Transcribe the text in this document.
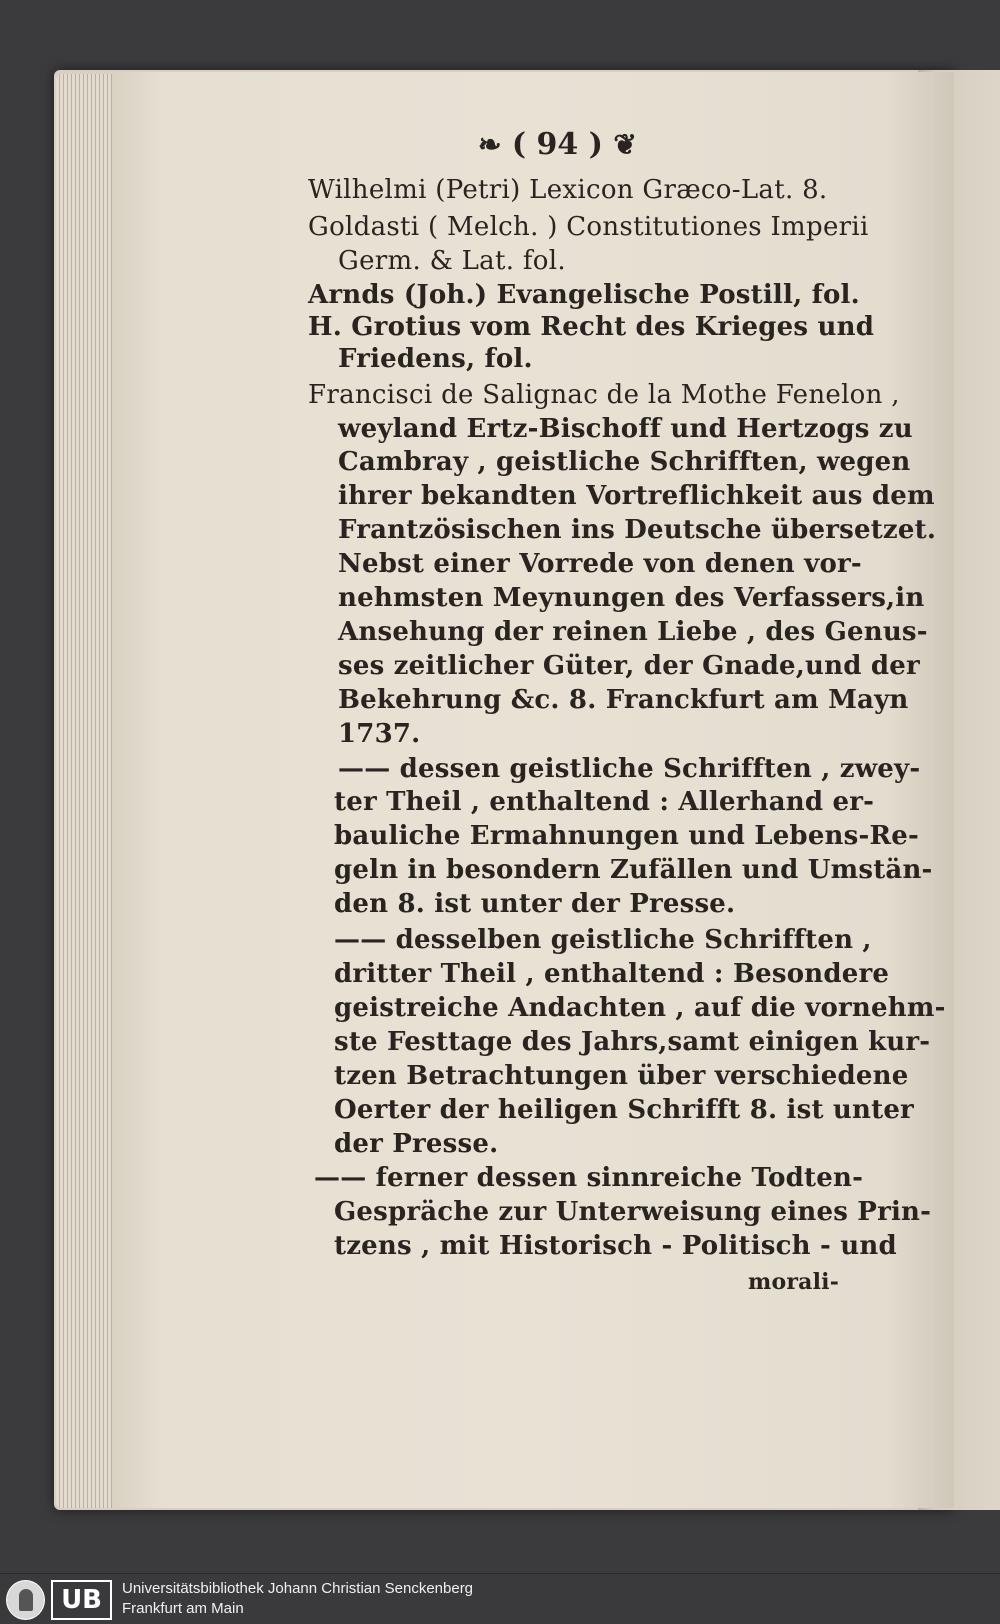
❧ ( 94 ) ❦
Wilhelmi (Petri) Lexicon Græco-Lat. 8.
Goldasti ( Melch. ) Constitutiones Imperii
Germ. & Lat. fol.
Arnds (Joh.) Evangelische Postill, fol.
H. Grotius vom Recht des Krieges und
Friedens, fol.
Francisci de Salignac de la Mothe Fenelon ,
weyland Ertz-Bischoff und Hertzogs zu
Cambray , geistliche Schrifften, wegen
ihrer bekandten Vortreflichkeit aus dem
Frantzösischen ins Deutsche übersetzet.
Nebst einer Vorrede von denen vor-
nehmsten Meynungen des Verfassers,in
Ansehung der reinen Liebe , des Genus-
ses zeitlicher Güter, der Gnade,und der
Bekehrung &c. 8. Franckfurt am Mayn
1737.
—— dessen geistliche Schrifften , zwey-
ter Theil , enthaltend : Allerhand er-
bauliche Ermahnungen und Lebens-Re-
geln in besondern Zufällen und Umstän-
den 8. ist unter der Presse.
—— desselben geistliche Schrifften ,
dritter Theil , enthaltend : Besondere
geistreiche Andachten , auf die vornehm-
ste Festtage des Jahrs,samt einigen kur-
tzen Betrachtungen über verschiedene
Oerter der heiligen Schrifft 8. ist unter
der Presse.
—— ferner dessen sinnreiche Todten-
Gespräche zur Unterweisung eines Prin-
tzens , mit Historisch - Politisch - und
morali-
UB	Universitätsbibliothek Johann Christian Senckenberg
Frankfurt am Main
